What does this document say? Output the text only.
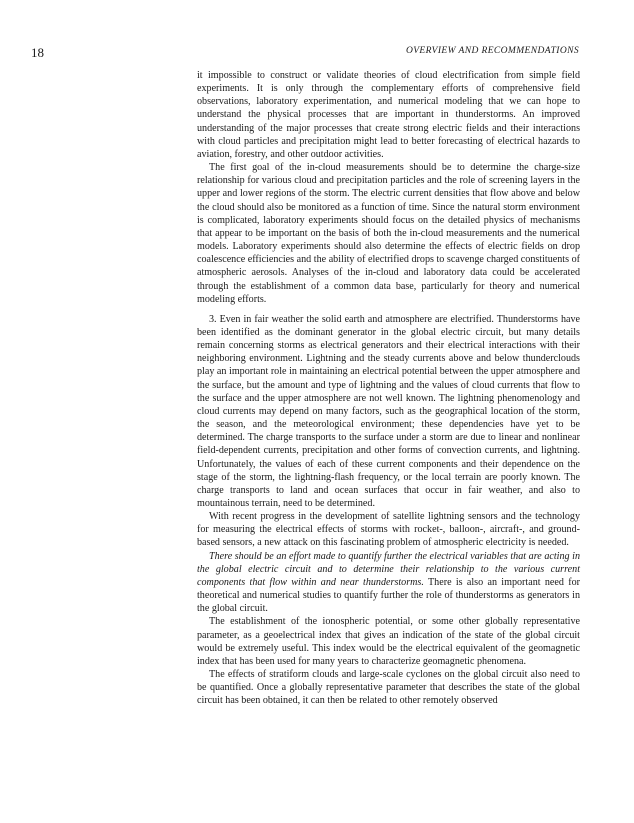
18	OVERVIEW AND RECOMMENDATIONS

it impossible to construct or validate theories of cloud electrification from simple field experiments. It is only through the complementary efforts of comprehensive field observations, laboratory experimentation, and numerical modeling that we can hope to understand the physical processes that are important in thunderstorms. An improved understanding of the major processes that create strong electric fields and their interactions with cloud particles and precipitation might lead to better forecasting of electrical hazards to aviation, forestry, and other outdoor activities.

The first goal of the in-cloud measurements should be to determine the charge-size relationship for various cloud and precipitation particles and the role of screening layers in the upper and lower regions of the storm. The electric current densities that flow above and below the cloud should also be monitored as a function of time. Since the natural storm environment is complicated, laboratory experiments should focus on the detailed physics of mechanisms that appear to be important on the basis of both the in-cloud measurements and the numerical models. Laboratory experiments should also determine the effects of electric fields on drop coalescence efficiencies and the ability of electrified drops to scavenge charged constituents of atmospheric aerosols. Analyses of the in-cloud and laboratory data could be accelerated through the establishment of a common data base, particularly for theory and numerical modeling efforts.

3. Even in fair weather the solid earth and atmosphere are electrified. Thunderstorms have been identified as the dominant generator in the global electric circuit, but many details remain concerning storms as electrical generators and their electrical interactions with their neighboring environment. Lightning and the steady currents above and below thunderclouds play an important role in maintaining an electrical potential between the upper atmosphere and the surface, but the amount and type of lightning and the values of cloud currents that flow to the surface and the upper atmosphere are not well known. The lightning phenomenology and cloud currents may depend on many factors, such as the geographical location of the storm, the season, and the meteorological environment; these dependencies have yet to be determined. The charge transports to the surface under a storm are due to linear and nonlinear field-dependent currents, precipitation and other forms of convection currents, and lightning. Unfortunately, the values of each of these current components and their dependence on the stage of the storm, the lightning-flash frequency, or the local terrain are poorly known. The charge transports to land and ocean surfaces that occur in fair weather, and also to mountainous terrain, need to be determined.

With recent progress in the development of satellite lightning sensors and the technology for measuring the electrical effects of storms with rocket-, balloon-, aircraft-, and ground-based sensors, a new attack on this fascinating problem of atmospheric electricity is needed.

There should be an effort made to quantify further the electrical variables that are acting in the global electric circuit and to determine their relationship to the various current components that flow within and near thunderstorms. There is also an important need for theoretical and numerical studies to quantify further the role of thunderstorms as generators in the global circuit.

The establishment of the ionospheric potential, or some other globally representative parameter, as a geoelectrical index that gives an indication of the state of the global circuit would be extremely useful. This index would be the electrical equivalent of the geomagnetic index that has been used for many years to characterize geomagnetic phenomena.

The effects of stratiform clouds and large-scale cyclones on the global circuit also need to be quantified. Once a globally representative parameter that describes the state of the global circuit has been obtained, it can then be related to other remotely observed
